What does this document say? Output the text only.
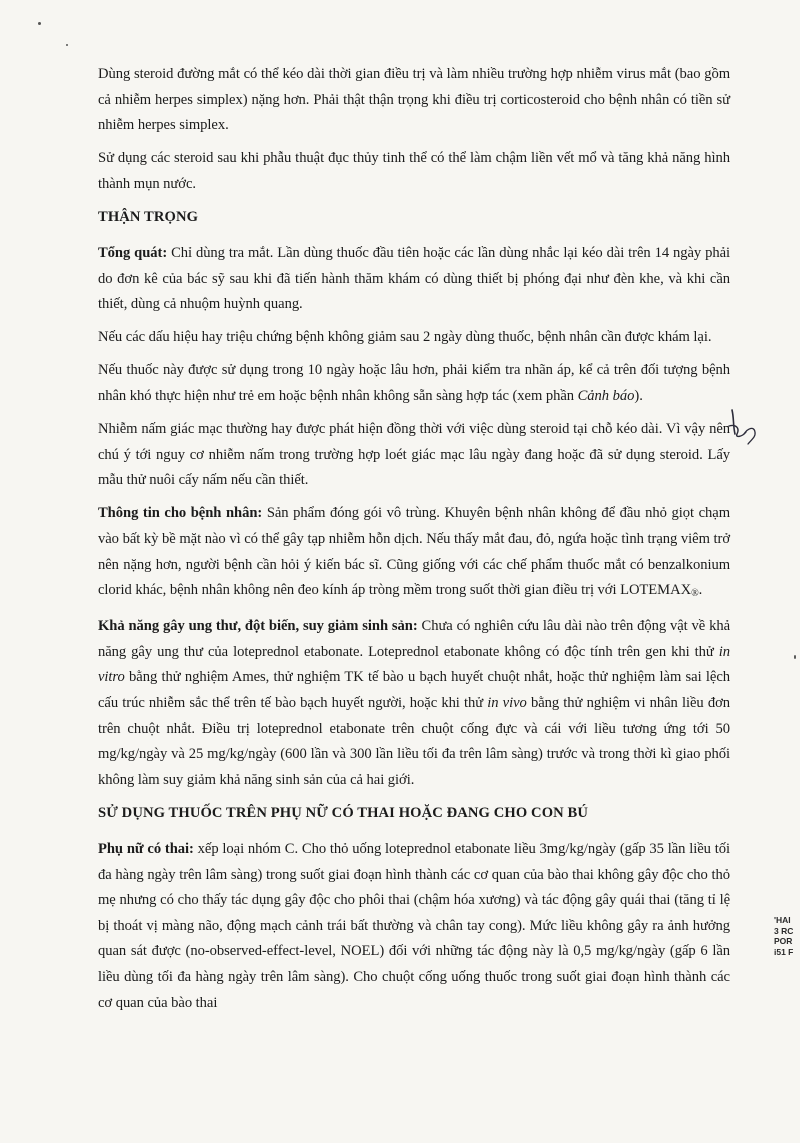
Dùng steroid đường mắt có thể kéo dài thời gian điều trị và làm nhiều trường hợp nhiễm virus mắt (bao gồm cả nhiễm herpes simplex) nặng hơn. Phải thật thận trọng khi điều trị corticosteroid cho bệnh nhân có tiền sử nhiễm herpes simplex.

Sử dụng các steroid sau khi phẫu thuật đục thủy tinh thể có thể làm chậm liền vết mổ và tăng khả năng hình thành mụn nước.

THẬN TRỌNG

Tổng quát: Chỉ dùng tra mắt. Lần dùng thuốc đầu tiên hoặc các lần dùng nhắc lại kéo dài trên 14 ngày phải do đơn kê của bác sỹ sau khi đã tiến hành thăm khám có dùng thiết bị phóng đại như đèn khe, và khi cần thiết, dùng cả nhuộm huỳnh quang.

Nếu các dấu hiệu hay triệu chứng bệnh không giảm sau 2 ngày dùng thuốc, bệnh nhân cần được khám lại.

Nếu thuốc này được sử dụng trong 10 ngày hoặc lâu hơn, phải kiểm tra nhãn áp, kể cả trên đối tượng bệnh nhân khó thực hiện như trẻ em hoặc bệnh nhân không sẵn sàng hợp tác (xem phần Cảnh báo).

Nhiễm nấm giác mạc thường hay được phát hiện đồng thời với việc dùng steroid tại chỗ kéo dài. Vì vậy nên chú ý tới nguy cơ nhiễm nấm trong trường hợp loét giác mạc lâu ngày đang hoặc đã sử dụng steroid. Lấy mẫu thử nuôi cấy nấm nếu cần thiết.

Thông tin cho bệnh nhân: Sản phẩm đóng gói vô trùng. Khuyên bệnh nhân không để đầu nhỏ giọt chạm vào bất kỳ bề mặt nào vì có thể gây tạp nhiễm hỗn dịch. Nếu thấy mắt đau, đỏ, ngứa hoặc tình trạng viêm trở nên nặng hơn, người bệnh cần hỏi ý kiến bác sĩ. Cũng giống với các chế phẩm thuốc mắt có benzalkonium clorid khác, bệnh nhân không nên đeo kính áp tròng mềm trong suốt thời gian điều trị với $LOTEMAX_®$.

Khả năng gây ung thư, đột biến, suy giảm sinh sản: Chưa có nghiên cứu lâu dài nào trên động vật về khả năng gây ung thư của loteprednol etabonate. Loteprednol etabonate không có độc tính trên gen khi thử in vitro bằng thử nghiệm Ames, thử nghiệm TK tế bào u bạch huyết chuột nhắt, hoặc thử nghiệm làm sai lệch cấu trúc nhiễm sắc thể trên tế bào bạch huyết người, hoặc khi thử in vivo bằng thử nghiệm vi nhân liều đơn trên chuột nhắt. Điều trị loteprednol etabonate trên chuột cống đực và cái với liều tương ứng tới 50 mg/kg/ngày và 25 mg/kg/ngày (600 lần và 300 lần liều tối đa trên lâm sàng) trước và trong thời kì giao phối không làm suy giảm khả năng sinh sản của cả hai giới.

SỬ DỤNG THUỐC TRÊN PHỤ NỮ CÓ THAI HOẶC ĐANG CHO CON BÚ

Phụ nữ có thai: xếp loại nhóm C. Cho thỏ uống loteprednol etabonate liều 3mg/kg/ngày (gấp 35 lần liều tối đa hàng ngày trên lâm sàng) trong suốt giai đoạn hình thành các cơ quan của bào thai không gây độc cho thỏ mẹ nhưng có cho thấy tác dụng gây độc cho phôi thai (chậm hóa xương) và tác động gây quái thai (tăng tỉ lệ bị thoát vị màng não, động mạch cảnh trái bất thường và chân tay cong). Mức liều không gây ra ảnh hưởng quan sát được (no-observed-effect-level, NOEL) đối với những tác động này là 0,5 mg/kg/ngày (gấp 6 lần liều dùng tối đa hàng ngày trên lâm sàng). Cho chuột cống uống thuốc trong suốt giai đoạn hình thành các cơ quan của bào thai

'HAI
3 RC
POR
i51 F
